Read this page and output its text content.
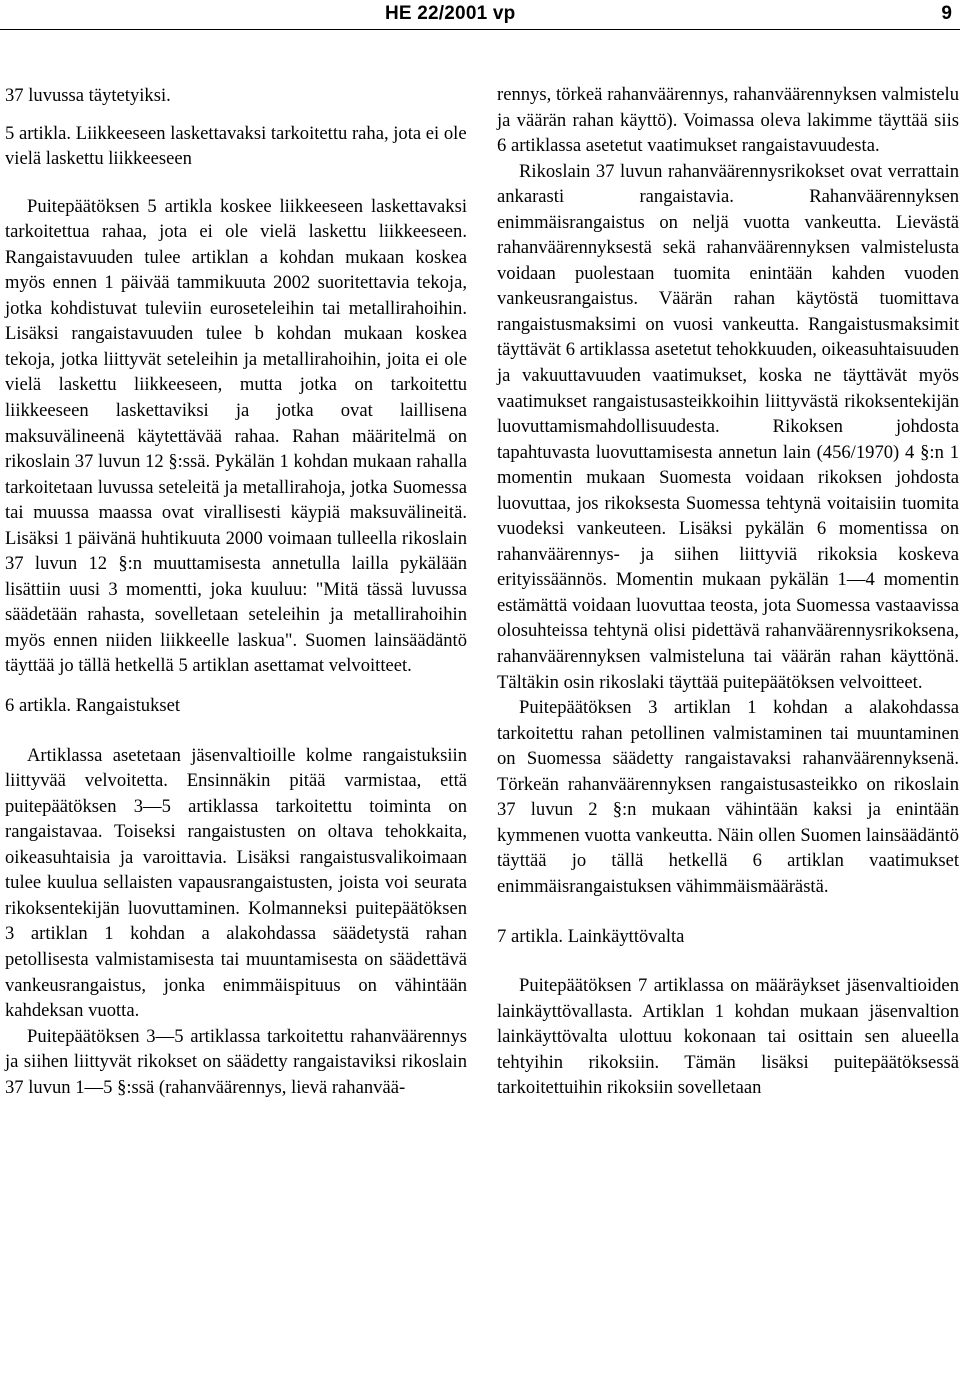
HE 22/2001 vp	9

37 luvussa täytetyiksi.

5 artikla. Liikkeeseen laskettavaksi tarkoitettu raha, jota ei ole vielä laskettu liikkeeseen

Puitepäätöksen 5 artikla koskee liikkeeseen laskettavaksi tarkoitettua rahaa, jota ei ole vielä laskettu liikkeeseen. Rangaistavuuden tulee artiklan a kohdan mukaan koskea myös ennen 1 päivää tammikuuta 2002 suoritettavia tekoja, jotka kohdistuvat tuleviin euroseteleihin tai metallirahoihin. Lisäksi rangaistavuuden tulee b kohdan mukaan koskea tekoja, jotka liittyvät seteleihin ja metallirahoihin, joita ei ole vielä laskettu liikkeeseen, mutta jotka on tarkoitettu liikkeeseen laskettaviksi ja jotka ovat laillisena maksuvälineenä käytettävää rahaa. Rahan määritelmä on rikoslain 37 luvun 12 §:ssä. Pykälän 1 kohdan mukaan rahalla tarkoitetaan luvussa seteleitä ja metallirahoja, jotka Suomessa tai muussa maassa ovat virallisesti käypiä maksuvälineitä. Lisäksi 1 päivänä huhtikuuta 2000 voimaan tulleella rikoslain 37 luvun 12 §:n muuttamisesta annetulla lailla pykälään lisättiin uusi 3 momentti, joka kuuluu: "Mitä tässä luvussa säädetään rahasta, sovelletaan seteleihin ja metallirahoihin myös ennen niiden liikkeelle laskua". Suomen lainsäädäntö täyttää jo tällä hetkellä 5 artiklan asettamat velvoitteet.

6 artikla. Rangaistukset

Artiklassa asetetaan jäsenvaltioille kolme rangaistuksiin liittyvää velvoitetta. Ensinnäkin pitää varmistaa, että puitepäätöksen 3—5 artiklassa tarkoitettu toiminta on rangaistavaa. Toiseksi rangaistusten on oltava tehokkaita, oikeasuhtaisia ja varoittavia. Lisäksi rangaistusvalikoimaan tulee kuulua sellaisten vapausrangaistusten, joista voi seurata rikoksentekijän luovuttaminen. Kolmanneksi puitepäätöksen 3 artiklan 1 kohdan a alakohdassa säädetystä rahan petollisesta valmistamisesta tai muuntamisesta on säädettävä vankeusrangaistus, jonka enimmäispituus on vähintään kahdeksan vuotta.

Puitepäätöksen 3—5 artiklassa tarkoitettu rahanväärennys ja siihen liittyvät rikokset on säädetty rangaistaviksi rikoslain 37 luvun 1—5 §:ssä (rahanväärennys, lievä rahanvää-

rennys, törkeä rahanväärennys, rahanväärennyksen valmistelu ja väärän rahan käyttö). Voimassa oleva lakimme täyttää siis 6 artiklassa asetetut vaatimukset rangaistavuudesta.

Rikoslain 37 luvun rahanväärennysrikokset ovat verrattain ankarasti rangaistavia. Rahanväärennyksen enimmäisrangaistus on neljä vuotta vankeutta. Lievästä rahanväärennyksestä sekä rahanväärennyksen valmistelusta voidaan puolestaan tuomita enintään kahden vuoden vankeusrangaistus. Väärän rahan käytöstä tuomittava rangaistusmaksimi on vuosi vankeutta. Rangaistusmaksimit täyttävät 6 artiklassa asetetut tehokkuuden, oikeasuhtaisuuden ja vakuuttavuuden vaatimukset, koska ne täyttävät myös vaatimukset rangaistusasteikkoihin liittyvästä rikoksentekijän luovuttamismahdollisuudesta. Rikoksen johdosta tapahtuvasta luovuttamisesta annetun lain (456/1970) 4 §:n 1 momentin mukaan Suomesta voidaan rikoksen johdosta luovuttaa, jos rikoksesta Suomessa tehtynä voitaisiin tuomita vuodeksi vankeuteen. Lisäksi pykälän 6 momentissa on rahanväärennys- ja siihen liittyviä rikoksia koskeva erityissäännös. Momentin mukaan pykälän 1—4 momentin estämättä voidaan luovuttaa teosta, jota Suomessa vastaavissa olosuhteissa tehtynä olisi pidettävä rahanväärennysrikoksena, rahanväärennyksen valmisteluna tai väärän rahan käyttönä. Tältäkin osin rikoslaki täyttää puitepäätöksen velvoitteet.

Puitepäätöksen 3 artiklan 1 kohdan a alakohdassa tarkoitettu rahan petollinen valmistaminen tai muuntaminen on Suomessa säädetty rangaistavaksi rahanväärennyksenä. Törkeän rahanväärennyksen rangaistusasteikko on rikoslain 37 luvun 2 §:n mukaan vähintään kaksi ja enintään kymmenen vuotta vankeutta. Näin ollen Suomen lainsäädäntö täyttää jo tällä hetkellä 6 artiklan vaatimukset enimmäisrangaistuksen vähimmäismäärästä.

7 artikla. Lainkäyttövalta

Puitepäätöksen 7 artiklassa on määräykset jäsenvaltioiden lainkäyttövallasta. Artiklan 1 kohdan mukaan jäsenvaltion lainkäyttövalta ulottuu kokonaan tai osittain sen alueella tehtyihin rikoksiin. Tämän lisäksi puitepäätöksessä tarkoitettuihin rikoksiin sovelletaan
